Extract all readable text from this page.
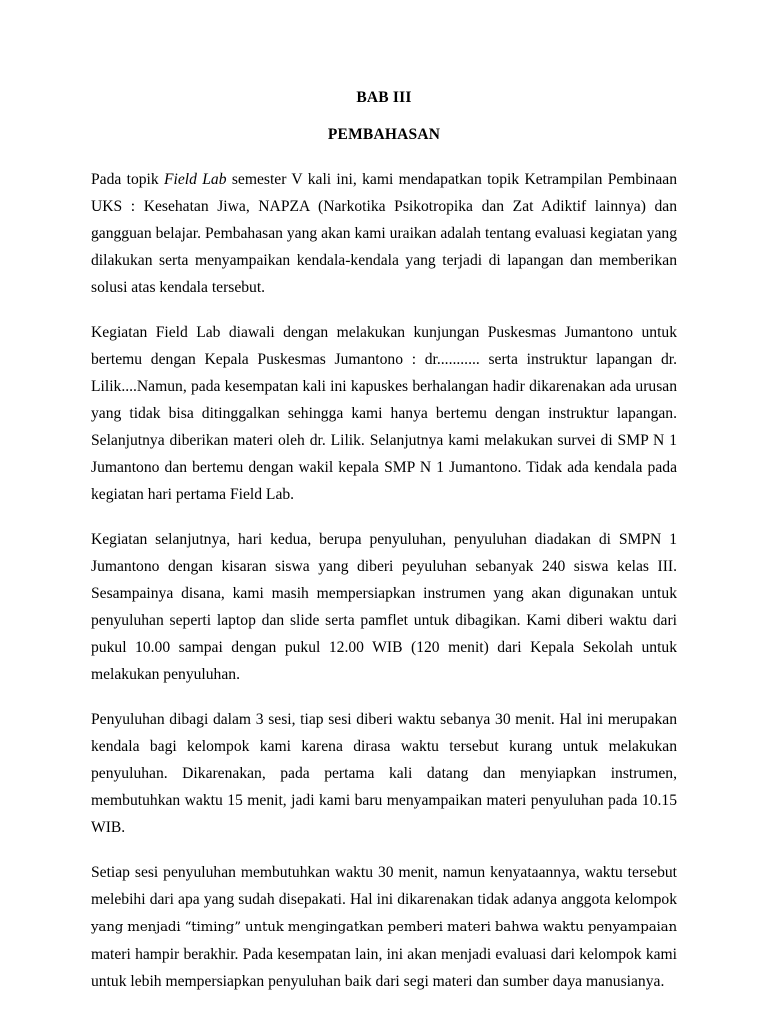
BAB III
PEMBAHASAN

Pada topik Field Lab semester V kali ini, kami mendapatkan topik Ketrampilan Pembinaan UKS : Kesehatan Jiwa, NAPZA (Narkotika Psikotropika dan Zat Adiktif lainnya) dan gangguan belajar. Pembahasan yang akan kami uraikan adalah tentang evaluasi kegiatan yang dilakukan serta menyampaikan kendala-kendala yang terjadi di lapangan dan memberikan solusi atas kendala tersebut.

Kegiatan Field Lab diawali dengan melakukan kunjungan Puskesmas Jumantono untuk bertemu dengan Kepala Puskesmas Jumantono : dr........... serta instruktur lapangan dr. Lilik....Namun, pada kesempatan kali ini kapuskes berhalangan hadir dikarenakan ada urusan yang tidak bisa ditinggalkan sehingga kami hanya bertemu dengan instruktur lapangan. Selanjutnya diberikan materi oleh dr. Lilik. Selanjutnya kami melakukan survei di SMP N 1 Jumantono dan bertemu dengan wakil kepala SMP N 1 Jumantono. Tidak ada kendala pada kegiatan hari pertama Field Lab.

Kegiatan selanjutnya, hari kedua, berupa penyuluhan, penyuluhan diadakan di SMPN 1 Jumantono dengan kisaran siswa yang diberi peyuluhan sebanyak 240 siswa kelas III. Sesampainya disana, kami masih mempersiapkan instrumen yang akan digunakan untuk penyuluhan seperti laptop dan slide serta pamflet untuk dibagikan. Kami diberi waktu dari pukul 10.00 sampai dengan pukul 12.00 WIB (120 menit) dari Kepala Sekolah untuk melakukan penyuluhan.

Penyuluhan dibagi dalam 3 sesi, tiap sesi diberi waktu sebanya 30 menit. Hal ini merupakan kendala bagi kelompok kami karena dirasa waktu tersebut kurang untuk melakukan penyuluhan. Dikarenakan, pada pertama kali datang dan menyiapkan instrumen, membutuhkan waktu 15 menit, jadi kami baru menyampaikan materi penyuluhan pada 10.15 WIB.

Setiap sesi penyuluhan membutuhkan waktu 30 menit, namun kenyataannya, waktu tersebut melebihi dari apa yang sudah disepakati. Hal ini dikarenakan tidak adanya anggota kelompok yang menjadi “timing” untuk mengingatkan pemberi materi bahwa waktu penyampaian materi hampir berakhir. Pada kesempatan lain, ini akan menjadi evaluasi dari kelompok kami untuk lebih mempersiapkan penyuluhan baik dari segi materi dan sumber daya manusianya.
